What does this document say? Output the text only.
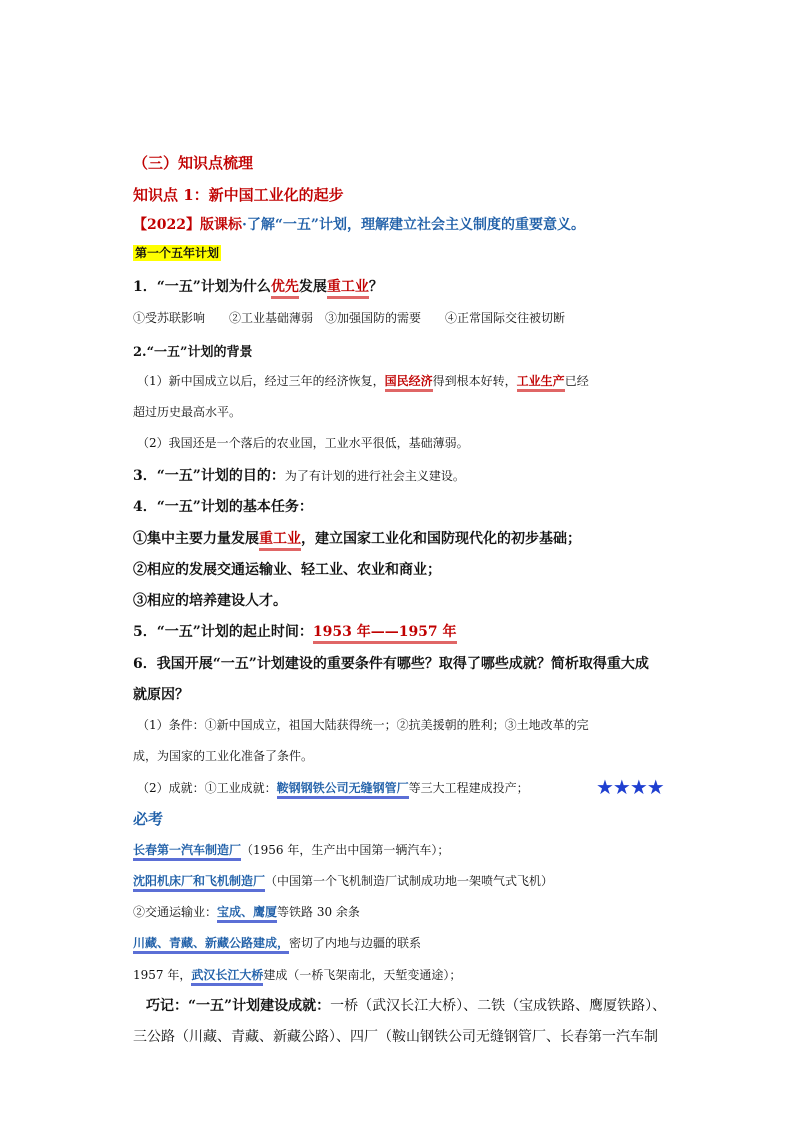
（三）知识点梳理
知识点 1：新中国工业化的起步
【2022】版课标·了解“一五”计划，理解建立社会主义制度的重要意义。
第一个五年计划
1．“一五”计划为什么优先发展重工业？
①受苏联影响　　②工业基础薄弱　③加强国防的需要　　④正常国际交往被切断
2.“一五”计划的背景
（1）新中国成立以后，经过三年的经济恢复，国民经济得到根本好转，工业生产已经
超过历史最高水平。
（2）我国还是一个落后的农业国，工业水平很低，基础薄弱。
3．“一五”计划的目的：为了有计划的进行社会主义建设。
4．“一五”计划的基本任务：
①集中主要力量发展重工业，建立国家工业化和国防现代化的初步基础；
②相应的发展交通运输业、轻工业、农业和商业；
③相应的培养建设人才。
5．“一五”计划的起止时间：1953 年——1957 年
6．我国开展“一五”计划建设的重要条件有哪些？取得了哪些成就？简析取得重大成
就原因？
（1）条件：①新中国成立，祖国大陆获得统一；②抗美援朝的胜利；③土地改革的完
成，为国家的工业化准备了条件。
（2）成就：①工业成就：鞍钢钢铁公司无缝钢管厂等三大工程建成投产；	★★★★
必考
长春第一汽车制造厂（1956 年，生产出中国第一辆汽车）；
沈阳机床厂和飞机制造厂（中国第一个飞机制造厂试制成功地一架喷气式飞机）
②交通运输业：宝成、鹰厦等铁路 30 余条
川藏、青藏、新藏公路建成，密切了内地与边疆的联系
1957 年，武汉长江大桥建成（一桥飞架南北，天堑变通途）；
巧记：“一五”计划建设成就：一桥（武汉长江大桥）、二铁（宝成铁路、鹰厦铁路）、
三公路（川藏、青藏、新藏公路）、四厂（鞍山钢铁公司无缝钢管厂、长春第一汽车制
